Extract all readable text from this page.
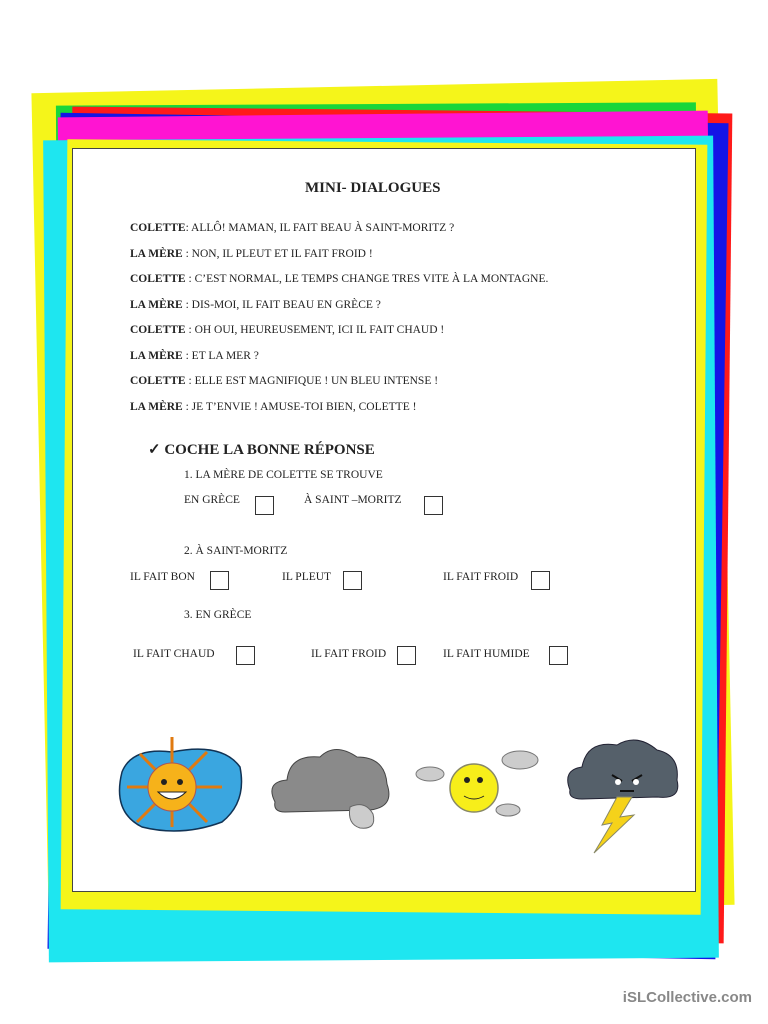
MINI- DIALOGUES
COLETTE: ALLÔ! MAMAN, IL FAIT BEAU À SAINT-MORITZ ?
LA MÈRE : NON, IL PLEUT ET IL FAIT FROID !
COLETTE : C’EST NORMAL, LE TEMPS CHANGE TRES VITE À LA MONTAGNE.
LA MÈRE : DIS-MOI, IL FAIT BEAU EN GRÈCE ?
COLETTE : OH OUI, HEUREUSEMENT, ICI IL FAIT CHAUD !
LA MÈRE : ET LA MER ?
COLETTE : ELLE EST MAGNIFIQUE ! UN BLEU INTENSE !
LA MÈRE : JE T’ENVIE ! AMUSE-TOI BIEN, COLETTE !
✓ COCHE LA BONNE RÉPONSE
1. LA MÈRE DE COLETTE SE TROUVE
EN GRÈCE	À SAINT –MORITZ
2. À SAINT-MORITZ
IL FAIT BON	IL PLEUT	IL FAIT FROID
3. EN GRÈCE
IL FAIT CHAUD	IL FAIT FROID	IL FAIT HUMIDE
iSLCollective.com
